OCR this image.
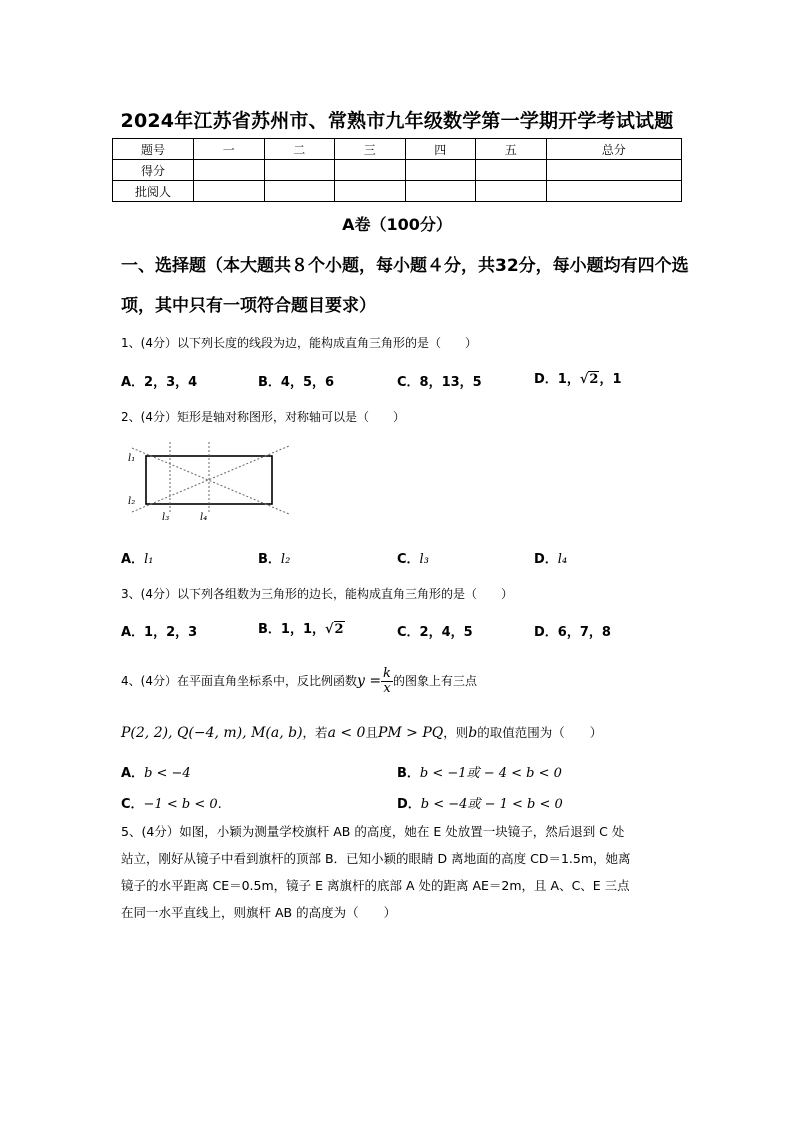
2024年江苏省苏州市、常熟市九年级数学第一学期开学考试试题
题号	一	二	三	四	五	总分
得分						
批阅人						
A卷（100分）
一、选择题（本大题共８个小题，每小题４分，共32分，每小题均有四个选项，其中只有一项符合题目要求）
1、(4分）以下列长度的线段为边，能构成直角三角形的是（　　）
A．2，3，4	B．4，5，6	C．8，13，5	D．1，√2，1
2、(4分）矩形是轴对称图形，对称轴可以是（　　）
l₁
l₂
l₃	l₄
A．l₁	B．l₂	C．l₃	D．l₄
3、(4分）以下列各组数为三角形的边长，能构成直角三角形的是（　　）
A．1，2，3	B．1，1，√2	C．2，4，5	D．6，7，8
4、(4分）在平面直角坐标系中，反比例函数$y = \frac{k}{x}$ 的图象上有三点
P(2, 2), Q(−4, m), M(a, b)，若a < 0且PM > PQ，则b的取值范围为（　　）
A．b < −4	B．b < −1或 − 4 < b < 0
C．−1 < b < 0.	D．b < −4或 − 1 < b < 0
5、(4分）如图，小颖为测量学校旗杆 AB 的高度，她在 E 处放置一块镜子，然后退到 C 处
站立，刚好从镜子中看到旗杆的顶部 B．已知小颖的眼睛 D 离地面的高度 CD＝1.5m，她离
镜子的水平距离 CE＝0.5m，镜子 E 离旗杆的底部 A 处的距离 AE＝2m，且 A、C、E 三点
在同一水平直线上，则旗杆 AB 的高度为（　　）
